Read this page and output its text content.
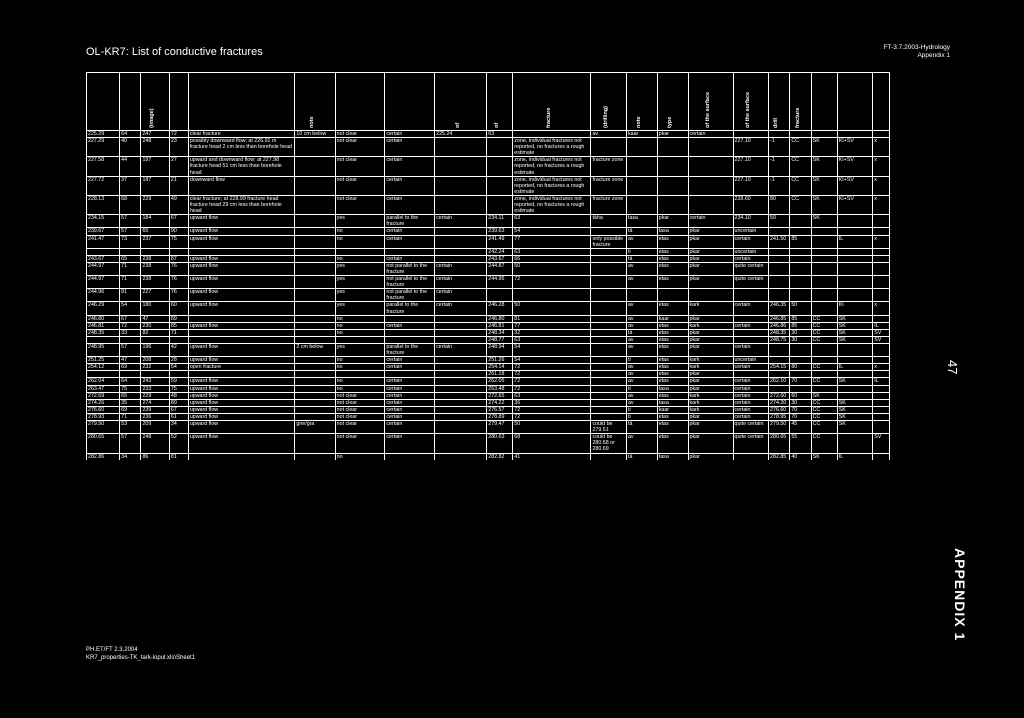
OL-KR7: List of conductive fractures	FT-3.7.2003-Hydrology
Appendix 1

		(image)			note			of	of	fracture	(drilling)	note	type	of the surface	of the surface	drill	fracture			

225.29	64	247	72	clear fracture	10 cm below	not clear	certain	225.24	63		av	kaar	pkar	certain						
227.29	40	248	23	possibly downward flow; at 226.91 m fracture head 2 cm less than borehole head		not clear	certain			zone, individual fractures not reported, no fractures a rough estimate					227.10	-1	CC	SK	KI+SV	x
227.58	44	197	27	upward and downward flow; at 227.98 fracture head 51 cm less than borehole head		not clear	certain			zone, individual fractures not reported, no fractures a rough estimate	fracture zone				227.10	-1	CC	SK	KI+SV	x
227.72	37	187	21	downward flow		not clear	certain			zone, individual fractures not reported, no fractures a rough estimate	fracture zone				227.10	-1	CC	SK	KI+SV	x
228.13	68	229	49	clear fracture; at 228.99 fracture head fracture head 29 cm less than borehole head		not clear	certain			zone, individual fractures not reported, no fractures a rough estimate	fracture zone				228.60	80	CC	SK	KI+SV	x
234.15	57	184	67	upward flow		yes	parallel to the fracture	certain	234.11	63	täha	tasa	pkar	certain	234.10	50		SK		
239.67	57	65	90	upward flow		no	certain		239.63	54		tä	tasa	pkar	uncertain					
241.47	73	237	75	upward flow		no	certain		241.49	77	only possible fracture	av	etas	pkar	certain	241.50	85		IL	x
									242.24	63		ti	etas	pkar	uncertain					
243.67	65	238	87	upward flow		no	certain		243.67	66		tä	etas	pkar	certain					
244.97	71	238	76	upward flow		yes	not parallel to the fracture	certain	244.87	50		av	etas	pkar	quite certain					
244.97	71	238	76	upward flow		yes	not parallel to the fracture	certain	244.95	72		av	etas	pkar	quite certain					
244.96	81	227	76	upward flow		yes	not parallel to the fracture	certain												
246.29	54	180	60	upward flow		yes	parallel to the fracture	certain	246.28	50		av	etas	kark	certain	246.35	50		KI	x
246.80	67	47	89			no			246.80	81		av	kaar	pkar		246.85	85	CC	SK	
246.81	72	230	85	upward flow		no	certain		246.81	77		av	etas	kark	certain	246.86	85	CC	SK	IL
248.35	33	82	71			no			248.34	32		tä	etas	pkar		248.35	30	CC	SK	SV
									248.77	63		av	etas	pkar		248.75	30	CC	SK	SV
248.95	57	196	42	upward flow	2 cm below	yes	parallel to the fracture	certain	248.94	54		av	etas	pkar	certain					
251.25	47	208	28	upward flow		no	certain		251.26	54		ti	etas	kark	uncertain					
254.12	69	232	54	open fracture		no	certain		254.14	72		av	etas	kark	certain	254.15	80	CC	IL	x
									261.18	72		av	etas	pkar						
262.04	64	243	59	upward flow		no	certain		262.05	72		av	etas	pkar	certain	262.10	70	CC	SK	IL
263.47	75	233	75	upward flow		no	certain		263.48	72		ti	tasa	pkar	certain					
272.69	65	229	48	upward flow		not clear	certain		272.65	63		av	etas	kark	certain	272.60	60	SK		
274.26	35	274	80	upward flow		not clear	certain		274.22	36		av	tasa	kark	certain	274.20	30	CC	SK	
276.60	69	239	67	upward flow		not clear	certain		276.57	72		ti	kaar	kark	certain	276.60	70	CC	SK	
278.93	71	236	61	upward flow		not clear	certain		278.89	72		ti	etas	pkar	certain	278.95	70	CC	SK	
279.50	53	209	34	upward flow	gne/gra	not clear	certain		279.47	50	could be 279.51	tä	etas	pkar	quite certain	279.50	45	CC	SK	
280.65	57	248	52	upward flow		not clear	certain		280.63	68	could be 280.68 or 280.69	av	etas	pkar	quite certain	280.65	55	CC		SV
282.86	34	86	81			no			282.82	41		tä	tasa	pkar		282.85	40	SK	IL	
47
APPENDIX 1
PH.ET/FT 2.3.2004
KR7_properties-TK_tark-lopul.xls\Sheet1
